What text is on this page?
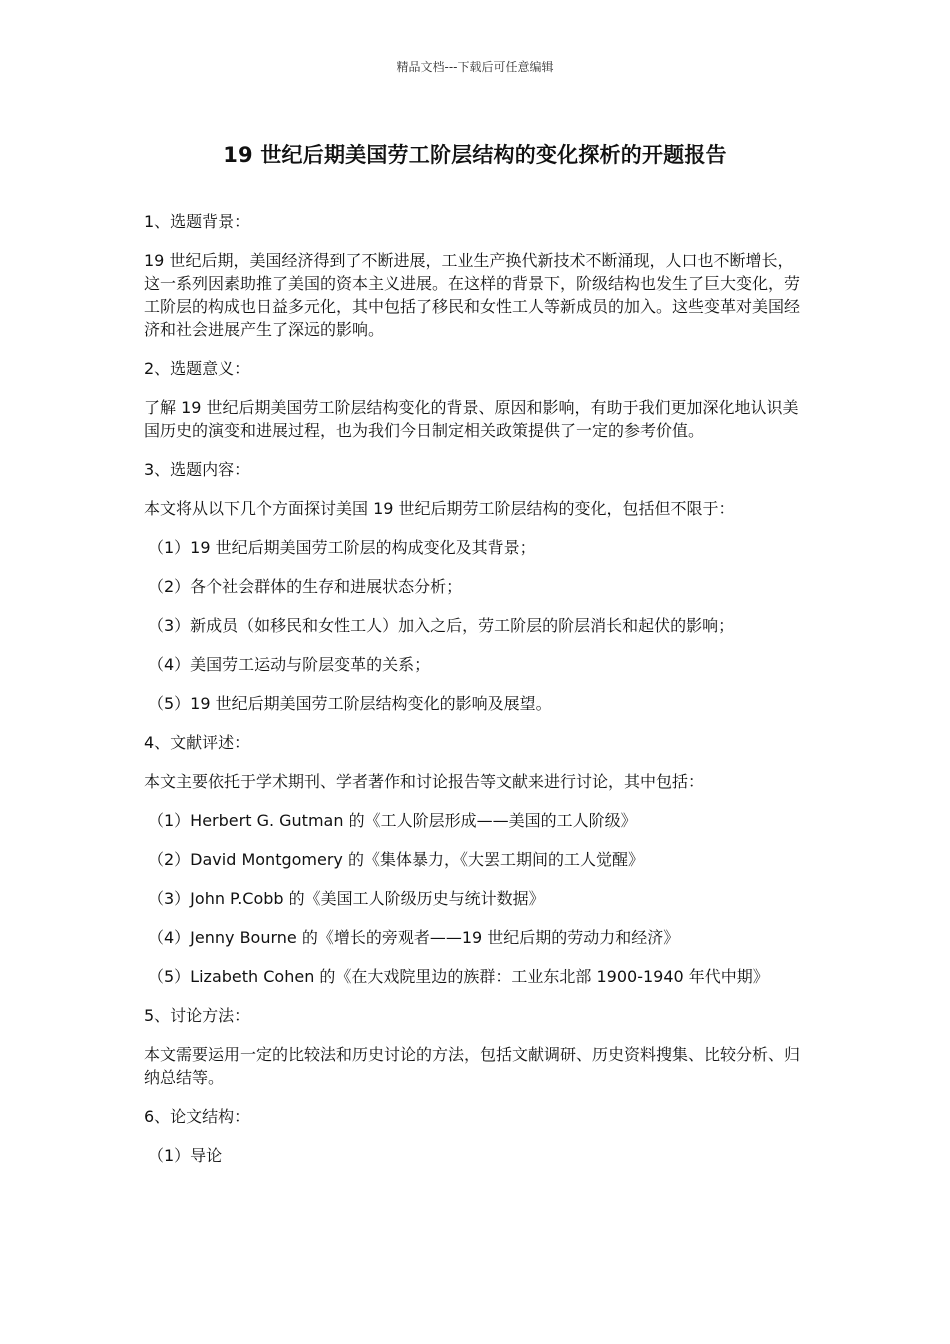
精品文档---下载后可任意编辑
19 世纪后期美国劳工阶层结构的变化探析的开题报告
1、选题背景：
19 世纪后期，美国经济得到了不断进展，工业生产换代新技术不断涌现，人口也不断增长，这一系列因素助推了美国的资本主义进展。在这样的背景下，阶级结构也发生了巨大变化，劳工阶层的构成也日益多元化，其中包括了移民和女性工人等新成员的加入。这些变革对美国经济和社会进展产生了深远的影响。
2、选题意义：
了解 19 世纪后期美国劳工阶层结构变化的背景、原因和影响，有助于我们更加深化地认识美国历史的演变和进展过程，也为我们今日制定相关政策提供了一定的参考价值。
3、选题内容：
本文将从以下几个方面探讨美国 19 世纪后期劳工阶层结构的变化，包括但不限于：
（1）19 世纪后期美国劳工阶层的构成变化及其背景；
（2）各个社会群体的生存和进展状态分析；
（3）新成员（如移民和女性工人）加入之后，劳工阶层的阶层消长和起伏的影响；
（4）美国劳工运动与阶层变革的关系；
（5）19 世纪后期美国劳工阶层结构变化的影响及展望。
4、文献评述：
本文主要依托于学术期刊、学者著作和讨论报告等文献来进行讨论，其中包括：
（1）Herbert G. Gutman 的《工人阶层形成——美国的工人阶级》
（2）David Montgomery 的《集体暴力，《大罢工期间的工人觉醒》
（3）John P.Cobb 的《美国工人阶级历史与统计数据》
（4）Jenny Bourne 的《增长的旁观者——19 世纪后期的劳动力和经济》
（5）Lizabeth Cohen 的《在大戏院里边的族群：工业东北部 1900-1940 年代中期》
5、讨论方法：
本文需要运用一定的比较法和历史讨论的方法，包括文献调研、历史资料搜集、比较分析、归纳总结等。
6、论文结构：
（1）导论
